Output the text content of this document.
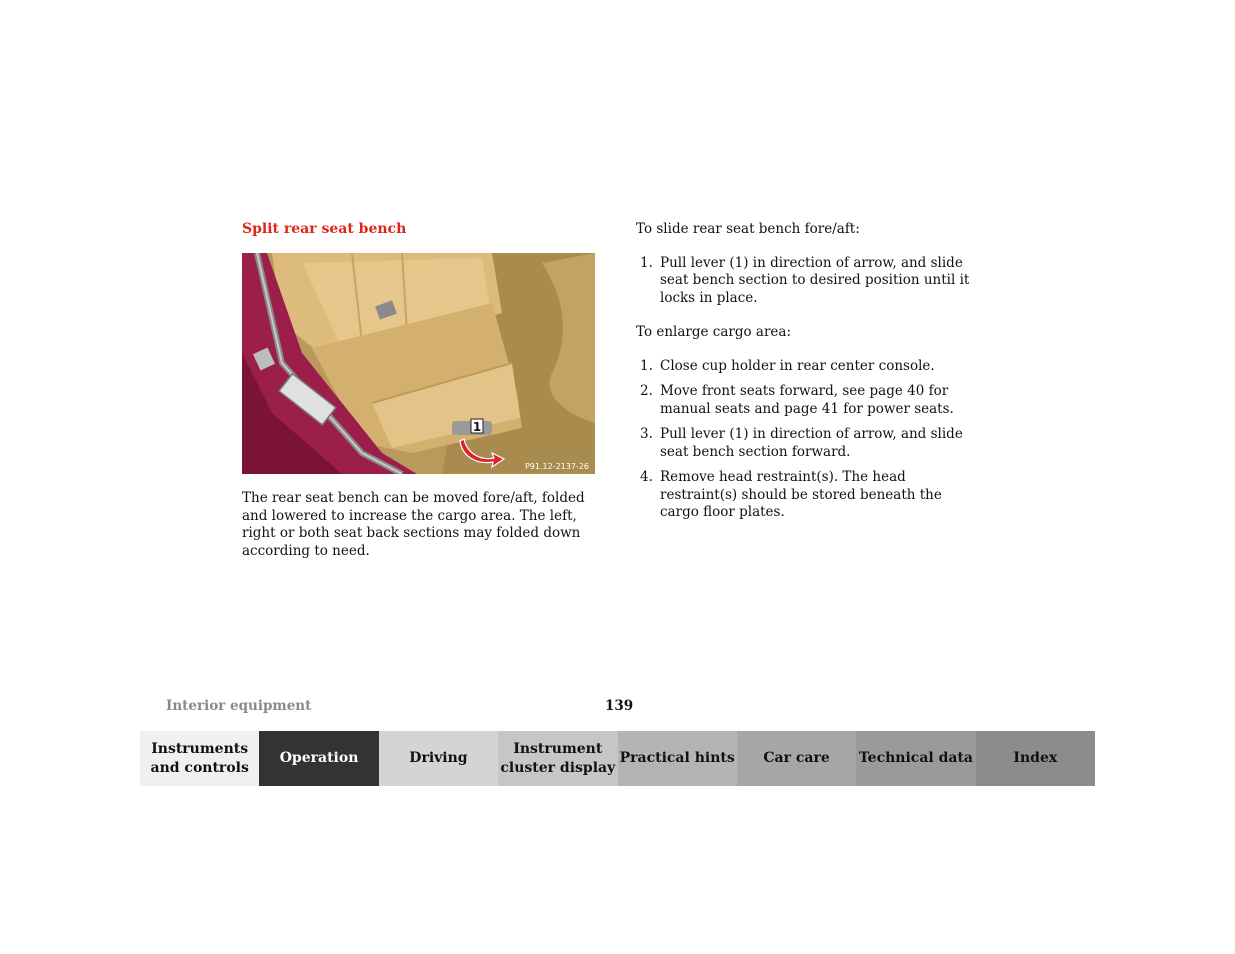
Split rear seat bench
1
P91.12-2137-26
The rear seat bench can be moved fore/aft, folded and lowered to increase the cargo area. The left, right or both seat back sections may folded down according to need.

To slide rear seat bench fore/aft:

1. Pull lever (1) in direction of arrow, and slide seat bench section to desired position until it locks in place.

To enlarge cargo area:

1. Close cup holder in rear center console.
2. Move front seats forward, see page 40 for manual seats and page 41 for power seats.
3. Pull lever (1) in direction of arrow, and slide seat bench section forward.
4. Remove head restraint(s). The head restraint(s) should be stored beneath the cargo floor plates.
Interior equipment	139
Instruments and controls
Operation	Driving
Instrument cluster display
Practical hints	Car care	Technical data	Index
